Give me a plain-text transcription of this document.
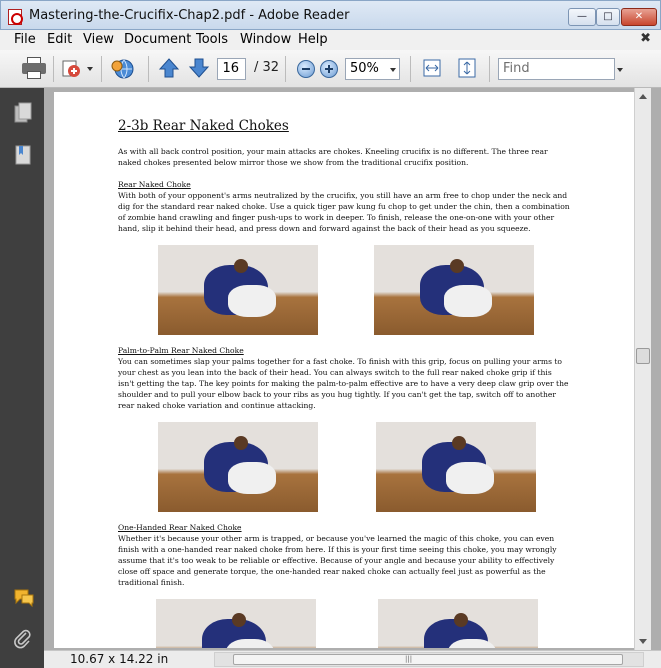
Mastering-the-Crucifix-Chap2.pdf - Adobe Reader	—	□	✕
File Edit View Document Tools Window Help	✖
16	/ 32	50%	Find
2-3b Rear Naked Chokes
As with all back control position, your main attacks are chokes. Kneeling crucifix is no different. The three rear naked chokes presented below mirror those we show from the traditional crucifix position.
Rear Naked Choke
With both of your opponent's arms neutralized by the crucifix, you still have an arm free to chop under the neck and dig for the standard rear naked choke. Use a quick tiger paw kung fu chop to get under the chin, then a combination of zombie hand crawling and finger push-ups to work in deeper. To finish, release the one-on-one with your other hand, slip it behind their head, and press down and forward against the back of their head as you squeeze.
Palm-to-Palm Rear Naked Choke
You can sometimes slap your palms together for a fast choke. To finish with this grip, focus on pulling your arms to your chest as you lean into the back of their head. You can always switch to the full rear naked choke grip if this isn't getting the tap. The key points for making the palm-to-palm effective are to have a very deep claw grip over the shoulder and to pull your elbow back to your ribs as you hug tightly. If you can't get the tap, switch off to another rear naked choke variation and continue attacking.
One-Handed Rear Naked Choke
Whether it's because your other arm is trapped, or because you've learned the magic of this choke, you can even finish with a one-handed rear naked choke from here. If this is your first time seeing this choke, you may wrongly assume that it's too weak to be reliable or effective. Because of your angle and because your ability to effectively close off space and generate torque, the one-handed rear naked choke can actually feel just as powerful as the traditional finish.
10.67 x 14.22 in	|||
